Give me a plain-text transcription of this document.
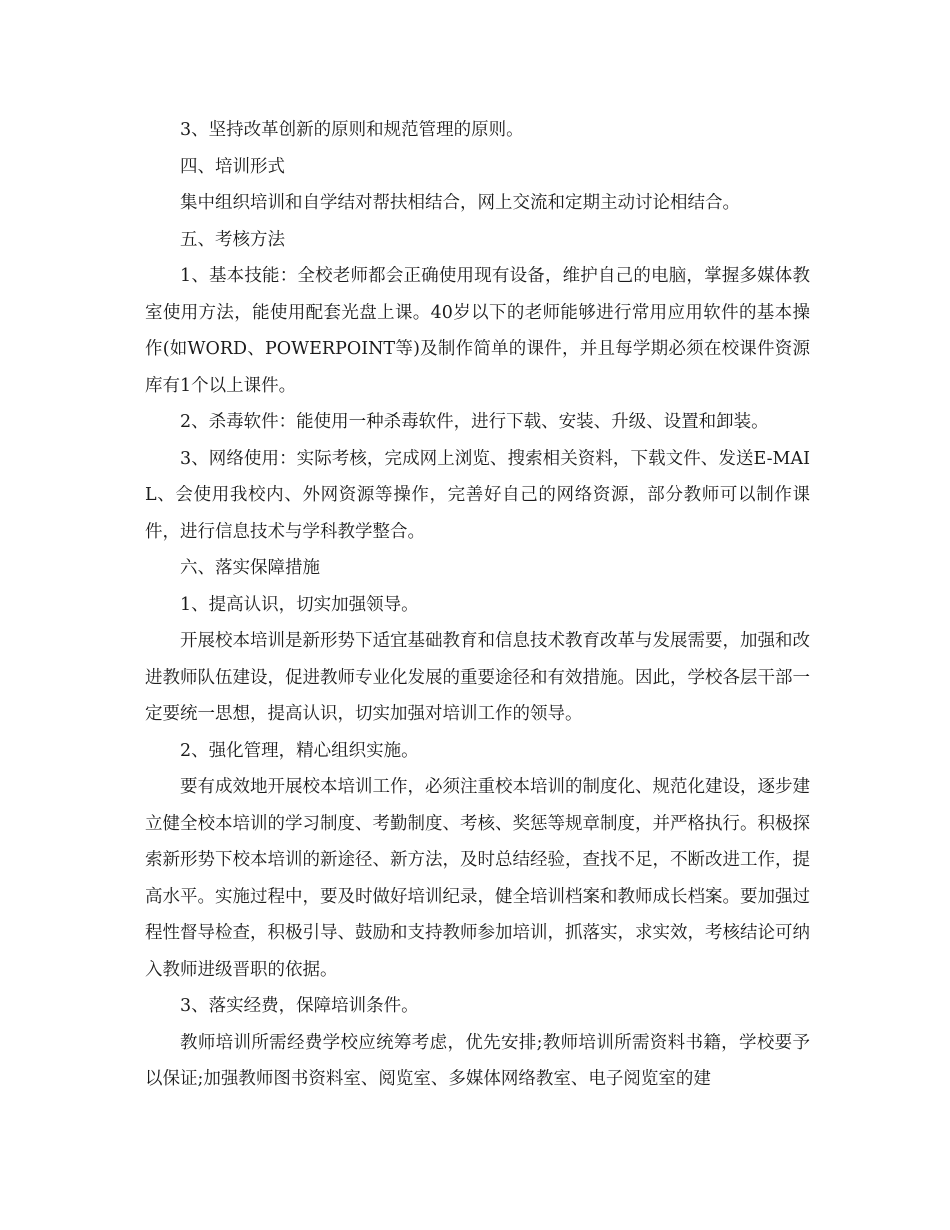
3、坚持改革创新的原则和规范管理的原则。

四、培训形式

集中组织培训和自学结对帮扶相结合，网上交流和定期主动讨论相结合。

五、考核方法

1、基本技能：全校老师都会正确使用现有设备，维护自己的电脑，掌握多媒体教室使用方法，能使用配套光盘上课。40岁以下的老师能够进行常用应用软件的基本操作(如WORD、POWERPOINT等)及制作简单的课件，并且每学期必须在校课件资源库有1个以上课件。

2、杀毒软件：能使用一种杀毒软件，进行下载、安装、升级、设置和卸装。

3、网络使用：实际考核，完成网上浏览、搜索相关资料，下载文件、发送E-MAIL、会使用我校内、外网资源等操作，完善好自己的网络资源，部分教师可以制作课件，进行信息技术与学科教学整合。

六、落实保障措施

1、提高认识，切实加强领导。

开展校本培训是新形势下适宜基础教育和信息技术教育改革与发展需要，加强和改进教师队伍建设，促进教师专业化发展的重要途径和有效措施。因此，学校各层干部一定要统一思想，提高认识，切实加强对培训工作的领导。

2、强化管理，精心组织实施。

要有成效地开展校本培训工作，必须注重校本培训的制度化、规范化建设，逐步建立健全校本培训的学习制度、考勤制度、考核、奖惩等规章制度，并严格执行。积极探索新形势下校本培训的新途径、新方法，及时总结经验，查找不足，不断改进工作，提高水平。实施过程中，要及时做好培训纪录，健全培训档案和教师成长档案。要加强过程性督导检查，积极引导、鼓励和支持教师参加培训，抓落实，求实效，考核结论可纳入教师进级晋职的依据。

3、落实经费，保障培训条件。

教师培训所需经费学校应统筹考虑，优先安排;教师培训所需资料书籍，学校要予以保证;加强教师图书资料室、阅览室、多媒体网络教室、电子阅览室的建
